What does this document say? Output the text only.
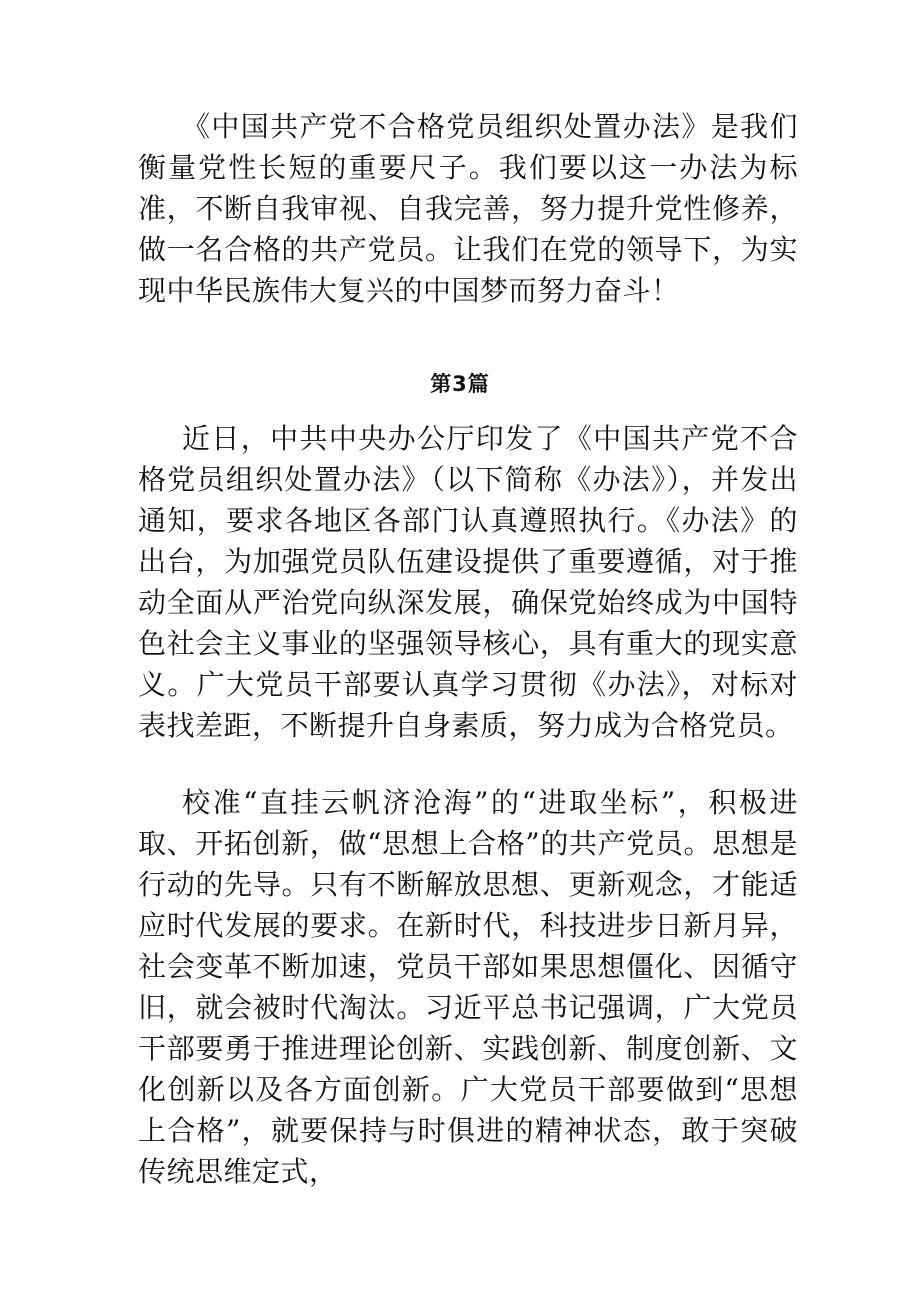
《中国共产党不合格党员组织处置办法》是我们衡量党性长短的重要尺子。我们要以这一办法为标准，不断自我审视、自我完善，努力提升党性修养，做一名合格的共产党员。让我们在党的领导下，为实现中华民族伟大复兴的中国梦而努力奋斗！

第3篇

近日，中共中央办公厅印发了《中国共产党不合格党员组织处置办法》（以下简称《办法》），并发出通知，要求各地区各部门认真遵照执行。《办法》的出台，为加强党员队伍建设提供了重要遵循，对于推动全面从严治党向纵深发展，确保党始终成为中国特色社会主义事业的坚强领导核心，具有重大的现实意义。广大党员干部要认真学习贯彻《办法》，对标对表找差距，不断提升自身素质，努力成为合格党员。

校准“直挂云帆济沧海”的“进取坐标”，积极进取、开拓创新，做“思想上合格”的共产党员。思想是行动的先导。只有不断解放思想、更新观念，才能适应时代发展的要求。在新时代，科技进步日新月异，社会变革不断加速，党员干部如果思想僵化、因循守旧，就会被时代淘汰。习近平总书记强调，广大党员干部要勇于推进理论创新、实践创新、制度创新、文化创新以及各方面创新。广大党员干部要做到“思想上合格”，就要保持与时俱进的精神状态，敢于突破传统思维定式，
